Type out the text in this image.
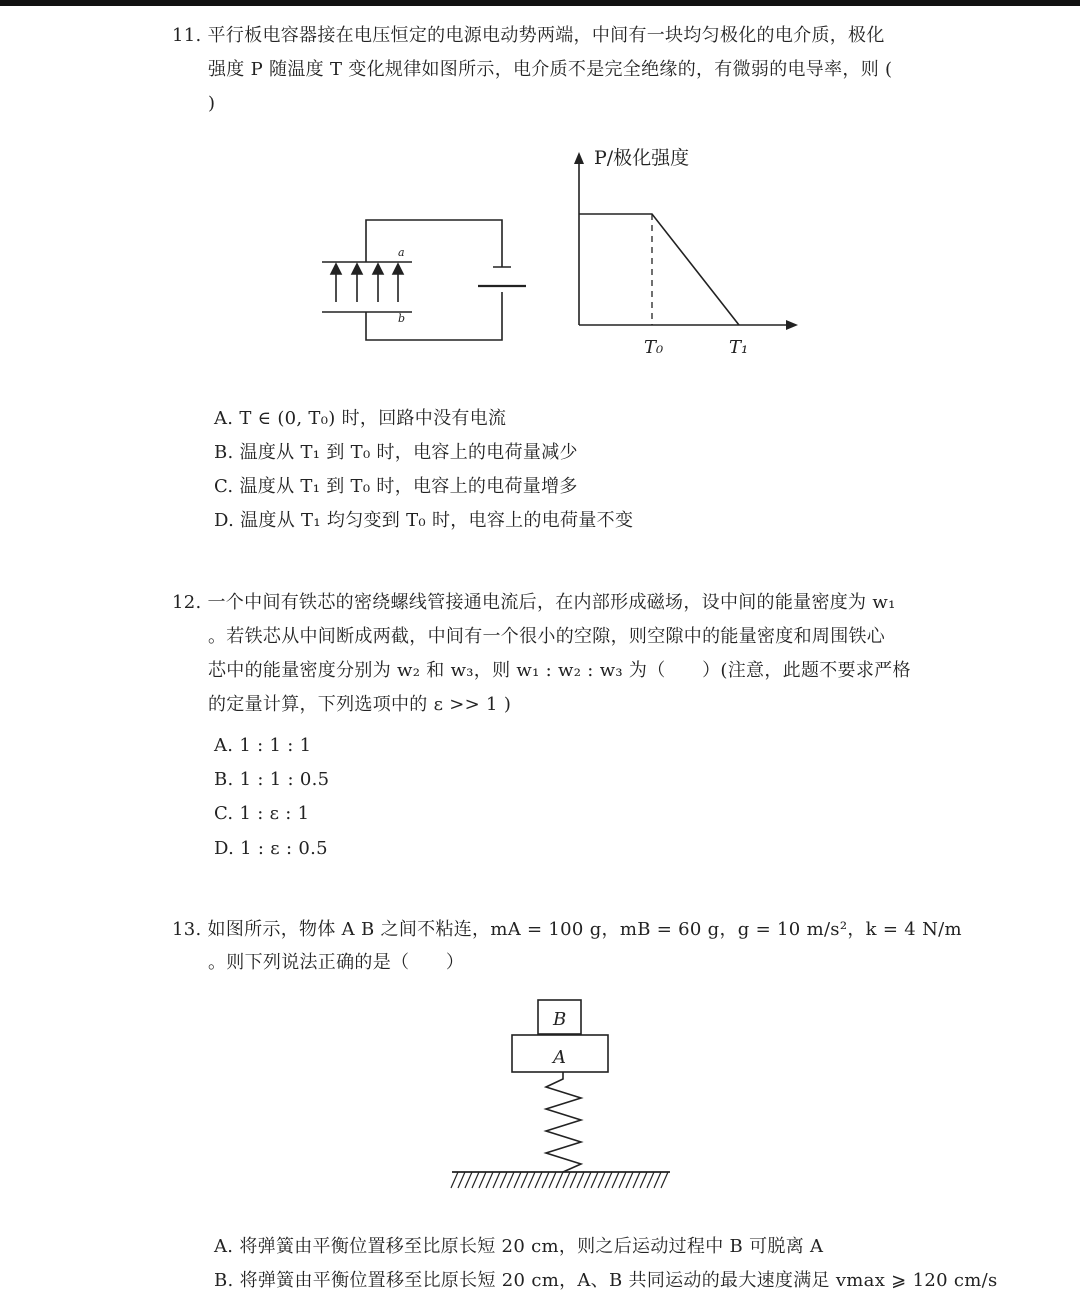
11. 平行板电容器接在电压恒定的电源电动势两端，中间有一块均匀极化的电介质，极化
强度 P 随温度 T 变化规律如图所示，电介质不是完全绝缘的，有微弱的电导率，则 (
)
a
b
P/极化强度
T₀	T₁
A. T ∈ (0, T₀) 时，回路中没有电流
B. 温度从 T₁ 到 T₀ 时，电容上的电荷量减少
C. 温度从 T₁ 到 T₀ 时，电容上的电荷量增多
D. 温度从 T₁ 均匀变到 T₀ 时，电容上的电荷量不变
12. 一个中间有铁芯的密绕螺线管接通电流后，在内部形成磁场，设中间的能量密度为 w₁
。若铁芯从中间断成两截，中间有一个很小的空隙，则空隙中的能量密度和周围铁心
芯中的能量密度分别为 w₂ 和 w₃，则 w₁ : w₂ : w₃ 为（　　）(注意，此题不要求严格
的定量计算，下列选项中的 ε >> 1 )
A. 1 : 1 : 1
B. 1 : 1 : 0.5
C. 1 : ε : 1
D. 1 : ε : 0.5
13. 如图所示，物体 A B 之间不粘连，mA = 100 g，mB = 60 g，g = 10 m/s²，k = 4 N/m
。则下列说法正确的是（　　）
B
A
A. 将弹簧由平衡位置移至比原长短 20 cm，则之后运动过程中 B 可脱离 A
B. 将弹簧由平衡位置移至比原长短 20 cm，A、B 共同运动的最大速度满足 vmax ⩾ 120 cm/s
